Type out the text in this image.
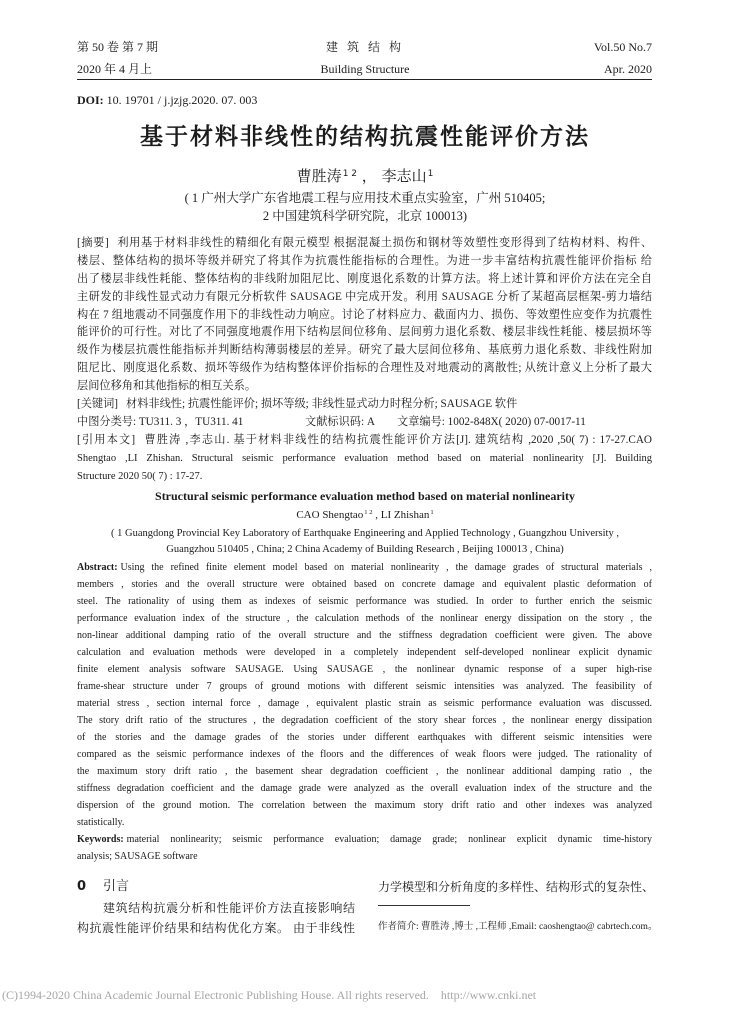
第 50 卷 第 7 期
2020 年 4 月上
建 筑 结 构
Building Structure
Vol.50 No.7
Apr. 2020
DOI: 10. 19701 / j.jzjg.2020. 07. 003
基于材料非线性的结构抗震性能评价方法
曹胜涛$^{1 2}$ ， 李志山$^1$
( 1 广州大学广东省地震工程与应用技术重点实验室，广州 510405;
2 中国建筑科学研究院，北京 100013)
[摘要] 利用基于材料非线性的精细化有限元模型 根据混凝土损伤和钢材等效塑性变形得到了结构材料、构件、
楼层、整体结构的损坏等级并研究了将其作为抗震性能指标的合理性。为进一步丰富结构抗震性能评价指标 给
出了楼层非线性耗能、整体结构的非线附加阻尼比、刚度退化系数的计算方法。将上述计算和评价方法在完全自
主研发的非线性显式动力有限元分析软件 SAUSAGE 中完成开发。利用 SAUSAGE 分析了某超高层框架-剪力墙结
构在 7 组地震动不同强度作用下的非线性动力响应。讨论了材料应力、截面内力、损伤、等效塑性应变作为抗震性
能评价的可行性。对比了不同强度地震作用下结构层间位移角、层间剪力退化系数、楼层非线性耗能、楼层损坏等
级作为楼层抗震性能指标并判断结构薄弱楼层的差异。研究了最大层间位移角、基底剪力退化系数、非线性附加
阻尼比、刚度退化系数、损坏等级作为结构整体评价指标的合理性及对地震动的离散性; 从统计意义上分析了最大
层间位移角和其他指标的相互关系。
[关键词] 材料非线性; 抗震性能评价; 损坏等级; 非线性显式动力时程分析; SAUSAGE 软件
中图分类号: TU311. 3 ，TU311. 41	文献标识码: A 文章编号: 1002-848X( 2020) 07-0017-11
[引用本文] 曹胜涛 ,李志山. 基于材料非线性的结构抗震性能评价方法[J]. 建筑结构 ,2020 ,50( 7) : 17-27.CAO
Shengtao ,LI Zhishan. Structural seismic performance evaluation method based on material nonlinearity [J]. Building
Structure 2020 50( 7) : 17-27.
Structural seismic performance evaluation method based on material nonlinearity
CAO Shengtao$^{1 2}$ , LI Zhishan$^1$
( 1 Guangdong Provincial Key Laboratory of Earthquake Engineering and Applied Technology , Guangzhou University ,
Guangzhou 510405 , China; 2 China Academy of Building Research , Beijing 100013 , China)
Abstract: Using the refined finite element model based on material nonlinearity , the damage grades of structural materials ,
members , stories and the overall structure were obtained based on concrete damage and equivalent plastic deformation of
steel. The rationality of using them as indexes of seismic performance was studied. In order to further enrich the seismic
performance evaluation index of the structure , the calculation methods of the nonlinear energy dissipation on the story , the
non-linear additional damping ratio of the overall structure and the stiffness degradation coefficient were given. The above
calculation and evaluation methods were developed in a completely independent self-developed nonlinear explicit dynamic
finite element analysis software SAUSAGE. Using SAUSAGE , the nonlinear dynamic response of a super high-rise
frame-shear structure under 7 groups of ground motions with different seismic intensities was analyzed. The feasibility of
material stress , section internal force , damage , equivalent plastic strain as seismic performance evaluation was discussed.
The story drift ratio of the structures , the degradation coefficient of the story shear forces , the nonlinear energy dissipation
of the stories and the damage grades of the stories under different earthquakes with different seismic intensities were
compared as the seismic performance indexes of the floors and the differences of weak floors were judged. The rationality of
the maximum story drift ratio , the basement shear degradation coefficient , the nonlinear additional damping ratio , the
stiffness degradation coefficient and the damage grade were analyzed as the overall evaluation index of the structure and the
dispersion of the ground motion. The correlation between the maximum story drift ratio and other indexes was analyzed
statistically.
Keywords: material nonlinearity; seismic performance evaluation; damage grade; nonlinear explicit dynamic time-history
analysis; SAUSAGE software
0 引言
建筑结构抗震分析和性能评价方法直接影响结
构抗震性能评价结果和结构优化方案。 由于非线性
力学模型和分析角度的多样性、结构形式的复杂性、
作者简介: 曹胜涛 ,博士 ,工程师 ,Email: caoshengtao@ cabrtech.com。
(C)1994-2020 China Academic Journal Electronic Publishing House. All rights reserved.    http://www.cnki.net
